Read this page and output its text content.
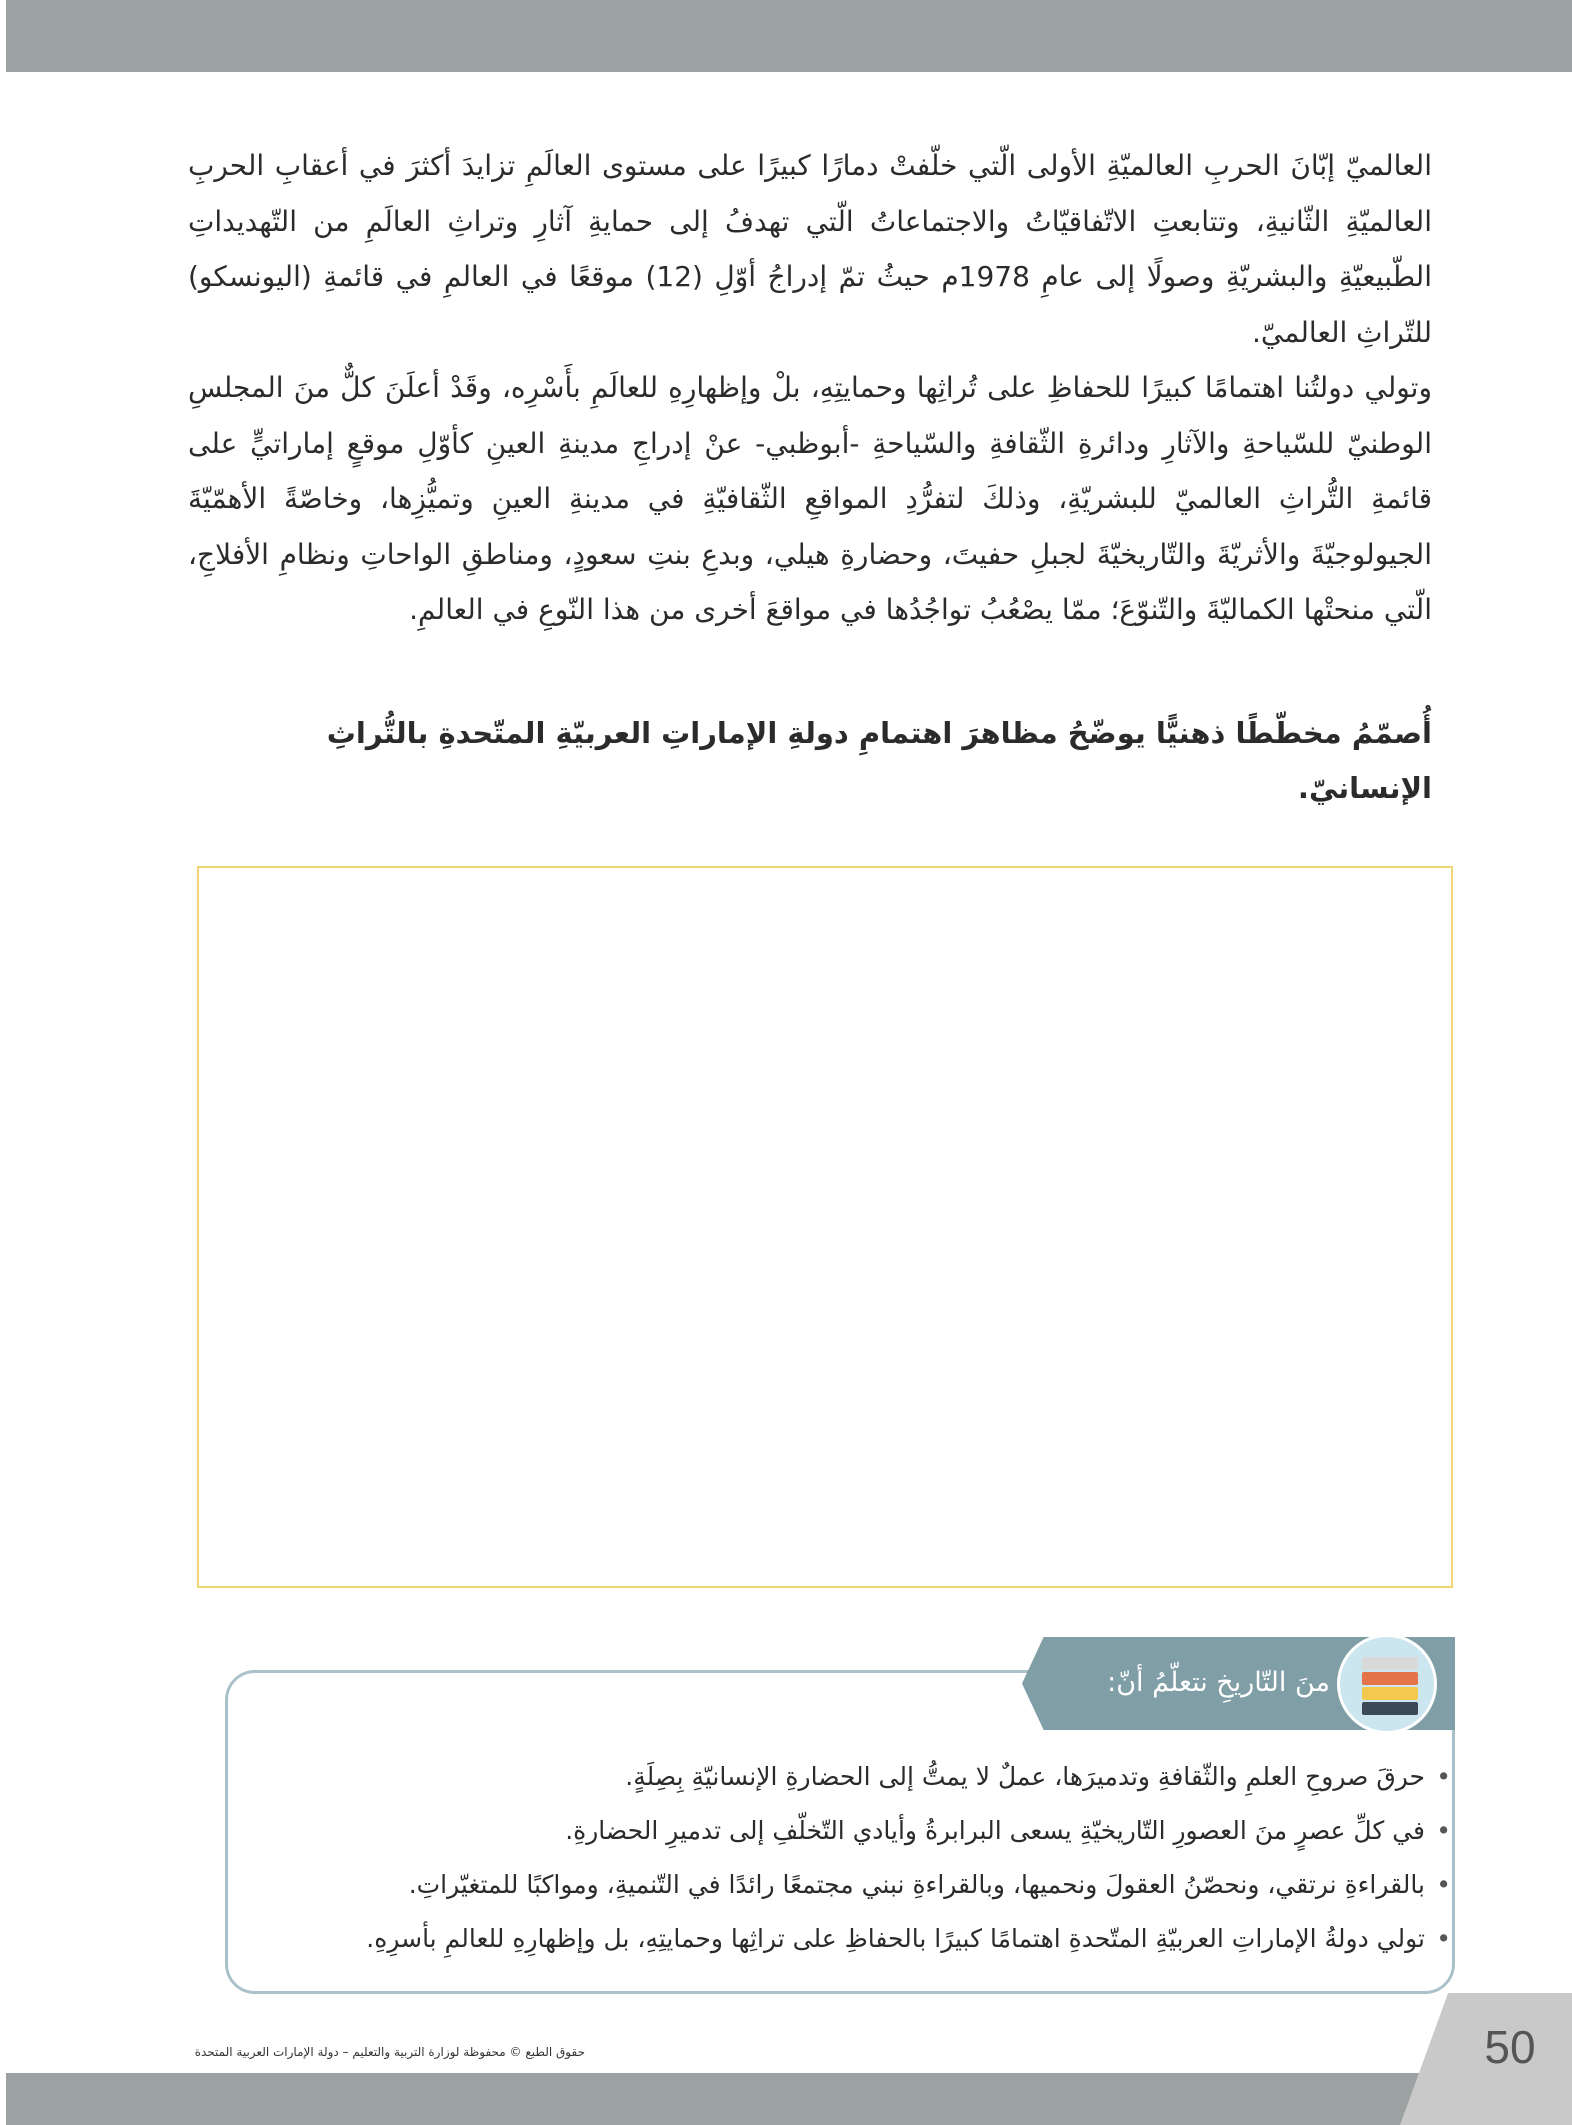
العالميّ إبّانَ الحربِ العالميّةِ الأولى الّتي خلّفتْ دمارًا كبيرًا على مستوى العالَمِ تزايدَ أكثرَ في أعقابِ الحربِ العالميّةِ الثّانيةِ، وتتابعتِ الاتّفاقيّاتُ والاجتماعاتُ الّتي تهدفُ إلى حمايةِ آثارِ وتراثِ العالَمِ من التّهديداتِ الطّبيعيّةِ والبشريّةِ وصولًا إلى عامِ 1978م حيثُ تمّ إدراجُ أوّلِ (12) موقعًا في العالمِ في قائمةِ (اليونسكو) للتّراثِ العالميّ.

وتولي دولتُنا اهتمامًا كبيرًا للحفاظِ على تُراثِها وحمايتِهِ، بلْ وإظهارِهِ للعالَمِ بأَسْرِه، وقَدْ أعلَنَ كلٌّ منَ المجلسِ الوطنيّ للسّياحةِ والآثارِ ودائرةِ الثّقافةِ والسّياحةِ -أبوظبي- عنْ إدراجِ مدينةِ العينِ كأوّلِ موقعٍ إماراتيٍّ على قائمةِ التُّراثِ العالميّ للبشريّةِ، وذلكَ لتفرُّدِ المواقعِ الثّقافيّةِ في مدينةِ العينِ وتميُّزِها، وخاصّةً الأهمّيّةَ الجيولوجيّةَ والأثريّةَ والتّاريخيّةَ لجبلِ حفيتَ، وحضارةِ هيلي، وبدعِ بنتِ سعودٍ، ومناطقِ الواحاتِ ونظامِ الأفلاجِ، الّتي منحتْها الكماليّةَ والتّنوّعَ؛ ممّا يصْعُبُ تواجُدُها في مواقعَ أخرى من هذا النّوعِ في العالمِ.

أُصمّمُ مخطّطًا ذهنيًّا يوضّحُ مظاهرَ اهتمامِ دولةِ الإماراتِ العربيّةِ المتّحدةِ بالتُّراثِ الإنسانيّ.
منَ التّاريخِ نتعلّمُ أنّ:
• حرقَ صروحِ العلمِ والثّقافةِ وتدميرَها، عملٌ لا يمتُّ إلى الحضارةِ الإنسانيّةِ بِصِلَةٍ.
• في كلِّ عصرٍ منَ العصورِ التّاريخيّةِ يسعى البرابرةُ وأيادي التّخلّفِ إلى تدميرِ الحضارةِ.
• بالقراءةِ نرتقي، ونحصّنُ العقولَ ونحميها، وبالقراءةِ نبني مجتمعًا رائدًا في التّنميةِ، ومواكبًا للمتغيّراتِ.
• تولي دولةُ الإماراتِ العربيّةِ المتّحدةِ اهتمامًا كبيرًا بالحفاظِ على تراثِها وحمايتِهِ، بل وإظهارِهِ للعالمِ بأسرِهِ.
حقوق الطبع © محفوظة لوزارة التربية والتعليم – دولة الإمارات العربية المتحدة	50
